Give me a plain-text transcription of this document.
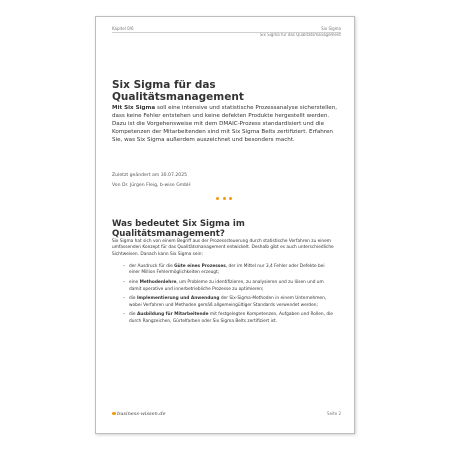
Kapitel 0/6	Six Sigma
Six Sigma für das Qualitätsmanagement
Six Sigma für das Qualitätsmanagement
Mit Six Sigma soll eine intensive und statistische Prozessanalyse sicherstellen, dass keine Fehler entstehen und keine defekten Produkte hergestellt werden. Dazu ist die Vorgehensweise mit dem DMAIC-Prozess standardisiert und die Kompetenzen der Mitarbeitenden sind mit Six Sigma Belts zertifiziert. Erfahren Sie, was Six Sigma außerdem auszeichnet und besonders macht.
Zuletzt geändert am 30.07.2025
Von Dr. Jürgen Fleig, b-wise GmbH
Was bedeutet Six Sigma im Qualitätsmanagement?
Six Sigma hat sich von einem Begriff aus der Prozesssteuerung durch statistische Verfahren zu einem umfassenden Konzept für das Qualitätsmanagement entwickelt. Deshalb gibt es auch unterschiedliche Sichtweisen. Danach kann Six Sigma sein:
– der Ausdruck für die Güte eines Prozesses, der im Mittel nur 3,4 Fehler oder Defekte bei einer Million Fehlermöglichkeiten erzeugt;
– eine Methodenlehre, um Probleme zu identifizieren, zu analysieren und zu lösen und um damit operative und innerbetriebliche Prozesse zu optimieren;
– die Implementierung und Anwendung der Six-Sigma-Methoden in einem Unternehmen, wobei Verfahren und Methoden gemäß allgemeingültiger Standards verwendet werden;
– die Ausbildung für Mitarbeitende mit festgelegten Kompetenzen, Aufgaben und Rollen, die durch Rangzeichen, Gürtelfarben oder Six Sigma Belts zertifiziert ist.
business-wissen.de	Seite 2
